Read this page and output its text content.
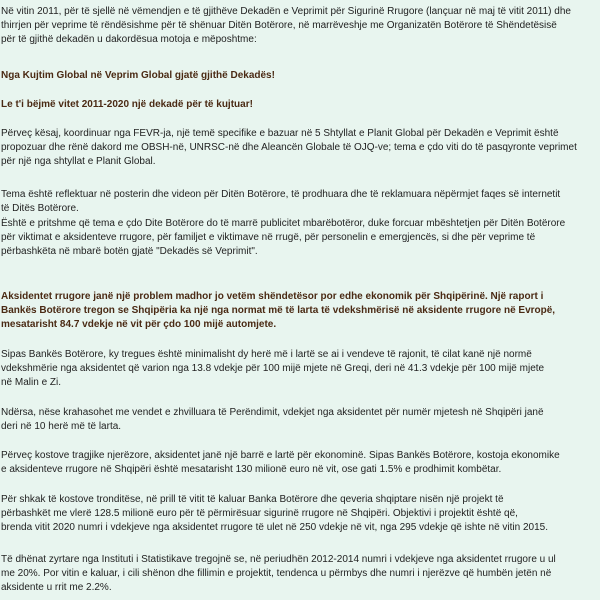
Në vitin 2011, për të sjellë në vëmendjen e të gjithëve Dekadën e Veprimit për Sigurinë Rrugore (lançuar në maj të vitit 2011) dhe
thirrjen për veprime të rëndësishme për të shënuar Ditën Botërore, në marrëveshje me Organizatën Botërore të Shëndetësisë
për të gjithë dekadën u dakordësua motoja e mëposhtme:

Nga Kujtim Global në Veprim Global gjatë gjithë Dekadës!

Le t'i bëjmë vitet 2011-2020 një dekadë për të kujtuar!

Përveç kësaj, koordinuar nga FEVR-ja, një temë specifike e bazuar në 5 Shtyllat e Planit Global për Dekadën e Veprimit është
propozuar dhe rënë dakord me OBSH-në, UNRSC-në dhe Aleancën Globale të OJQ-ve; tema e çdo viti do të pasqyronte veprimet
për një nga shtyllat e Planit Global.

Tema është reflektuar në posterin dhe videon për Ditën Botërore, të prodhuara dhe të reklamuara nëpërmjet faqes së internetit
të Ditës Botërore.

Është e pritshme që tema e çdo Dite Botërore do të marrë publicitet mbarëbotëror, duke forcuar mbështetjen për Ditën Botërore
për viktimat e aksidenteve rrugore, për familjet e viktimave në rrugë, për personelin e emergjencës, si dhe për veprime të
përbashkëta në mbarë botën gjatë "Dekadës së Veprimit".

Aksidentet rrugore janë një problem madhor jo vetëm shëndetësor por edhe ekonomik për Shqipërinë. Një raport i
Bankës Botërore tregon se Shqipëria ka një nga normat më të larta të vdekshmërisë në aksidente rrugore në Evropë,
mesatarisht 84.7 vdekje në vit për çdo 100 mijë automjete.

Sipas Bankës Botërore, ky tregues është minimalisht dy herë më i lartë se ai i vendeve të rajonit, të cilat kanë një normë
vdekshmërie nga aksidentet që varion nga 13.8 vdekje për 100 mijë mjete në Greqi, deri në 41.3 vdekje për 100 mijë mjete
në Malin e Zi.

Ndërsa, nëse krahasohet me vendet e zhvilluara të Perëndimit, vdekjet nga aksidentet për numër mjetesh në Shqipëri janë
deri në 10 herë më të larta.

Përveç kostove tragjike njerëzore, aksidentet janë një barrë e lartë për ekonominë. Sipas Bankës Botërore, kostoja ekonomike
e aksidenteve rrugore në Shqipëri është mesatarisht 130 milionë euro në vit, ose gati 1.5% e prodhimit kombëtar.

Për shkak të kostove tronditëse, në prill të vitit të kaluar Banka Botërore dhe qeveria shqiptare nisën një projekt të
përbashkët me vlerë 128.5 milionë euro për të përmirësuar sigurinë rrugore në Shqipëri. Objektivi i projektit është që,
brenda vitit 2020 numri i vdekjeve nga aksidentet rrugore të ulet në 250 vdekje në vit, nga 295 vdekje që ishte në vitin 2015.

Të dhënat zyrtare nga Instituti i Statistikave tregojnë se, në periudhën 2012-2014 numri i vdekjeve nga aksidentet rrugore u ul
me 20%. Por vitin e kaluar, i cili shënon dhe fillimin e projektit, tendenca u përmbys dhe numri i njerëzve që humbën jetën në
aksidente u rrit me 2.2%.
